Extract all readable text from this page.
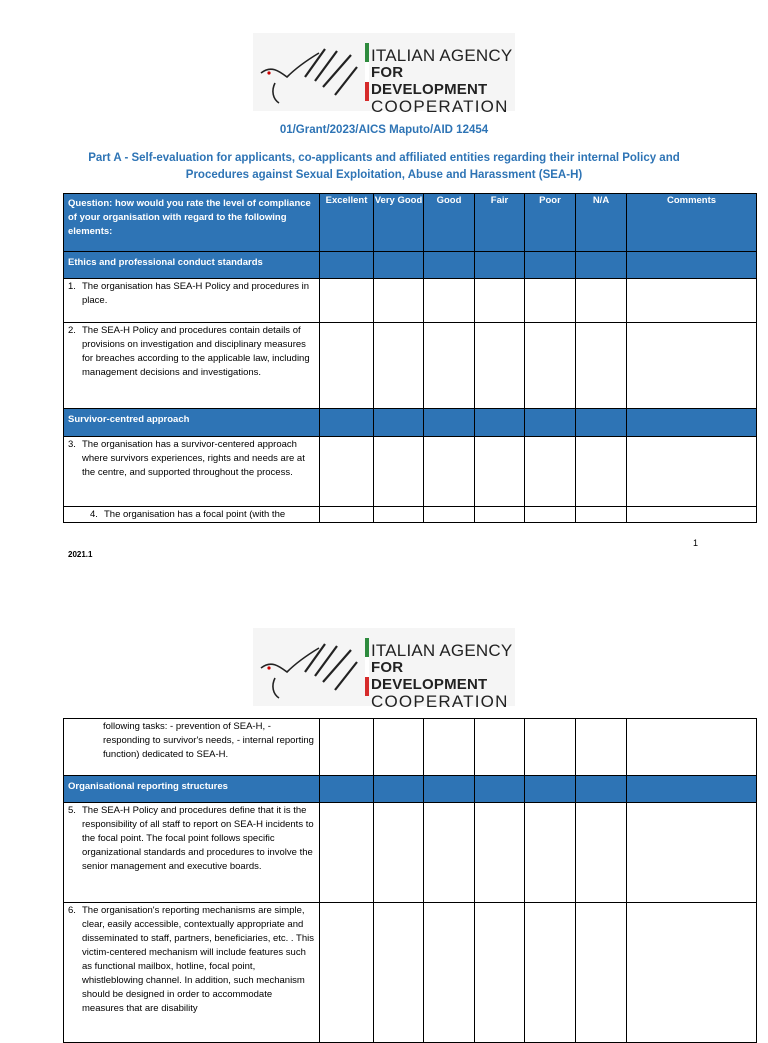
ITALIAN AGENCY
FOR DEVELOPMENT
COOPERATION
01/Grant/2023/AICS Maputo/AID 12454
Part A - Self-evaluation for applicants, co-applicants and affiliated entities regarding their internal Policy and Procedures against Sexual Exploitation, Abuse and Harassment (SEA-H)
Question: how would you rate the level of compliance of your organisation with regard to the following elements:	Excellent	Very Good	Good	Fair	Poor	N/A	Comments
Ethics and professional conduct standards							

1. The organisation has SEA-H Policy and procedures in place.							

2. The SEA-H Policy and procedures contain details of provisions on investigation and disciplinary measures for breaches according to the applicable law, including management decisions and investigations.							

Survivor-centred approach							

3. The organisation has a survivor-centered approach where survivors experiences, rights and needs are at the centre, and supported throughout the process.							

4. The organisation has a focal point (with the							

1
2021.1
ITALIAN AGENCY
FOR DEVELOPMENT
COOPERATION
following tasks: - prevention of SEA-H, - responding to survivor's needs, - internal reporting function) dedicated to SEA-H.							

Organisational reporting structures							

5. The SEA-H Policy and procedures define that it is the responsibility of all staff to report on SEA-H incidents to the focal point. The focal point follows specific organizational standards and procedures to involve the senior management and executive boards.							

6. The organisation's reporting mechanisms are simple, clear, easily accessible, contextually appropriate and disseminated to staff, partners, beneficiaries, etc. . This victim-centered mechanism will include features such as functional mailbox, hotline, focal point, whistleblowing channel. In addition, such mechanism should be designed in order to accommodate measures that are disability							
